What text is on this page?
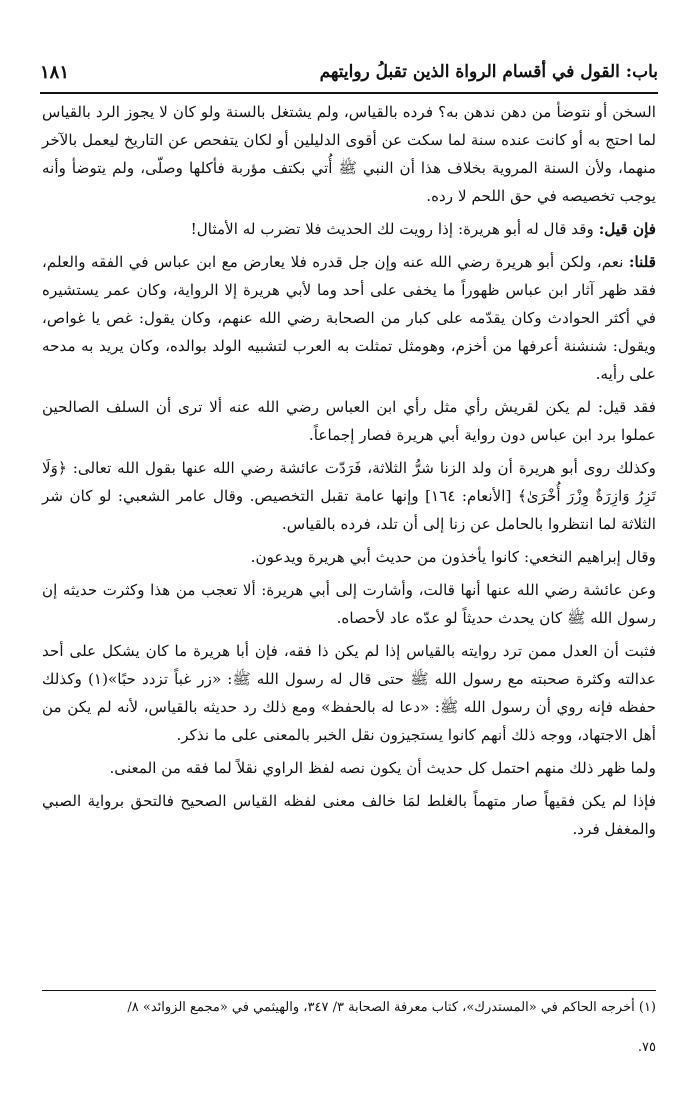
باب: القول في أقسام الرواة الذين تقبلُ روايتهم
١٨١

السخن أو نتوضأ من دهن ندهن به؟ فرده بالقياس، ولم يشتغل بالسنة ولو كان لا يجوز الرد بالقياس لما احتج به أو كانت عنده سنة لما سكت عن أقوى الدليلين أو لكان يتفحص عن التاريخ ليعمل بالآخر منهما، ولأن السنة المروية بخلاف هذا أن النبي ﷺ أُتي بكتف مؤربة فأكلها وصلّى، ولم يتوضأ وأنه يوجب تخصيصه في حق اللحم لا رده.

فإن قيل: وقد قال له أبو هريرة: إذا رويت لك الحديث فلا تضرب له الأمثال!

قلنا: نعم، ولكن أبو هريرة رضي الله عنه وإن جل قدره فلا يعارض مع ابن عباس في الفقه والعلم، فقد ظهر آثار ابن عباس ظهوراً ما يخفى على أحد وما لأبي هريرة إلا الرواية، وكان عمر يستشيره في أكثر الحوادث وكان يقدّمه على كبار من الصحابة رضي الله عنهم، وكان يقول: غص يا غواص، ويقول: شنشنة أعرفها من أخزم، وهومثل تمثلت به العرب لتشبيه الولد بوالده، وكان يريد به مدحه على رأيه.

فقد قيل: لم يكن لقريش رأي مثل رأي ابن العباس رضي الله عنه ألا ترى أن السلف الصالحين عملوا برد ابن عباس دون رواية أبي هريرة فصار إجماعاً.

وكذلك روى أبو هريرة أن ولد الزنا شرُّ الثلاثة، فَرَدّت عائشة رضي الله عنها بقول الله تعالى: ﴿وَلَا تَزِرُ وَازِرَةٌ وِزْرَ أُخْرَىٰ﴾ [الأنعام: ١٦٤] وإنها عامة تقبل التخصيص. وقال عامر الشعبي: لو كان شر الثلاثة لما انتظروا بالحامل عن زنا إلى أن تلد، فرده بالقياس.

وقال إبراهيم النخعي: كانوا يأخذون من حديث أبي هريرة ويدعون.

وعن عائشة رضي الله عنها أنها قالت، وأشارت إلى أبي هريرة: ألا تعجب من هذا وكثرت حديثه إن رسول الله ﷺ كان يحدث حديثاً لو عدّه عاد لأحصاه.

فثبت أن العدل ممن ترد روايته بالقياس إذا لم يكن ذا فقه، فإن أبا هريرة ما كان يشكل على أحد عدالته وكثرة صحبته مع رسول الله ﷺ حتى قال له رسول الله ﷺ: «زر غباً تزدد حبًا»(١) وكذلك حفظه فإنه روي أن رسول الله ﷺ: «دعا له بالحفظ» ومع ذلك رد حديثه بالقياس، لأنه لم يكن من أهل الاجتهاد، ووجه ذلك أنهم كانوا يستجيزون نقل الخبر بالمعنى على ما نذكر.

ولما ظهر ذلك منهم احتمل كل حديث أن يكون نصه لفظ الراوي نقلاً لما فقه من المعنى.

فإذا لم يكن فقيهاً صار متهماً بالغلط لمَا خالف معنى لفظه القياس الصحيح فالتحق برواية الصبي والمغفل فرد.

(١) أخرجه الحاكم في «المستدرك»، كتاب معرفة الصحابة ٣/ ٣٤٧، والهيثمي في «مجمع الزوائد» ٨/

٧٥.
